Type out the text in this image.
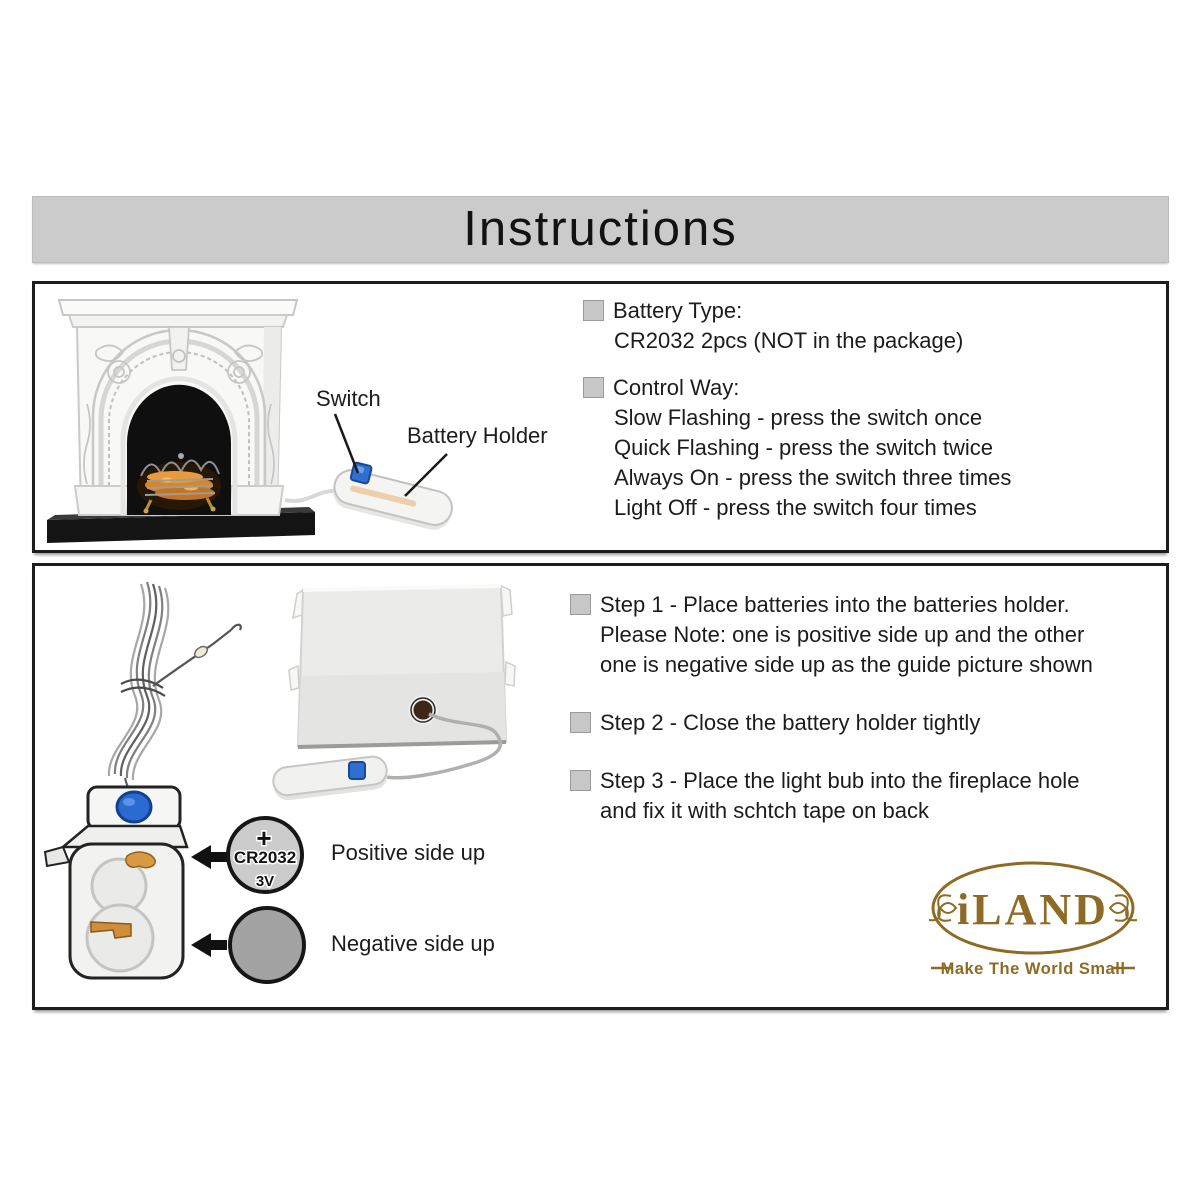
Instructions
Switch
Battery Holder
Battery Type:
CR2032 2pcs (NOT in the package)
Control Way:
Slow Flashing - press the switch once
Quick Flashing - press the switch twice
Always On - press the switch three times
Light Off - press the switch four times
+
CR2032
3V
iLAND
Make The World Small
Positive side up
Negative side up
Step 1 - Place batteries into the batteries holder.
Please Note: one is positive side up and the other
one is negative side up as the guide picture shown
Step 2 - Close the battery holder tightly
Step 3 - Place the light bub into the fireplace hole
and fix it with schtch tape on back
